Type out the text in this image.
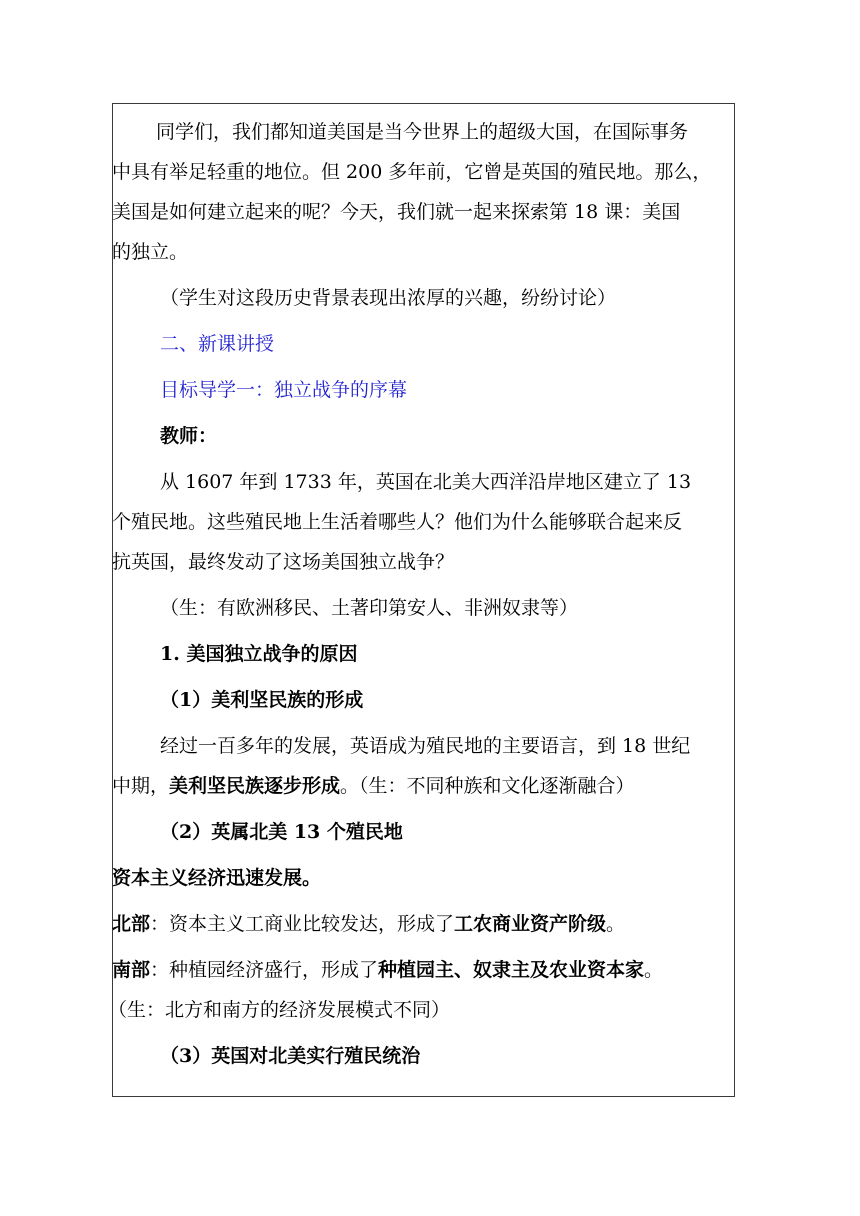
同学们，我们都知道美国是当今世界上的超级大国，在国际事务

中具有举足轻重的地位。但 200 多年前，它曾是英国的殖民地。那么，

美国是如何建立起来的呢？今天，我们就一起来探索第 18 课：美国

的独立。

（学生对这段历史背景表现出浓厚的兴趣，纷纷讨论）

二、新课讲授

目标导学一：独立战争的序幕

教师：

从 1607 年到 1733 年，英国在北美大西洋沿岸地区建立了 13

个殖民地。这些殖民地上生活着哪些人？他们为什么能够联合起来反

抗英国，最终发动了这场美国独立战争？

（生：有欧洲移民、土著印第安人、非洲奴隶等）

1. 美国独立战争的原因

（1）美利坚民族的形成

经过一百多年的发展，英语成为殖民地的主要语言，到 18 世纪

中期，美利坚民族逐步形成。（生：不同种族和文化逐渐融合）

（2）英属北美 13 个殖民地

资本主义经济迅速发展。

北部：资本主义工商业比较发达，形成了工农商业资产阶级。

南部：种植园经济盛行，形成了种植园主、奴隶主及农业资本家。

（生：北方和南方的经济发展模式不同）

（3）英国对北美实行殖民统治
